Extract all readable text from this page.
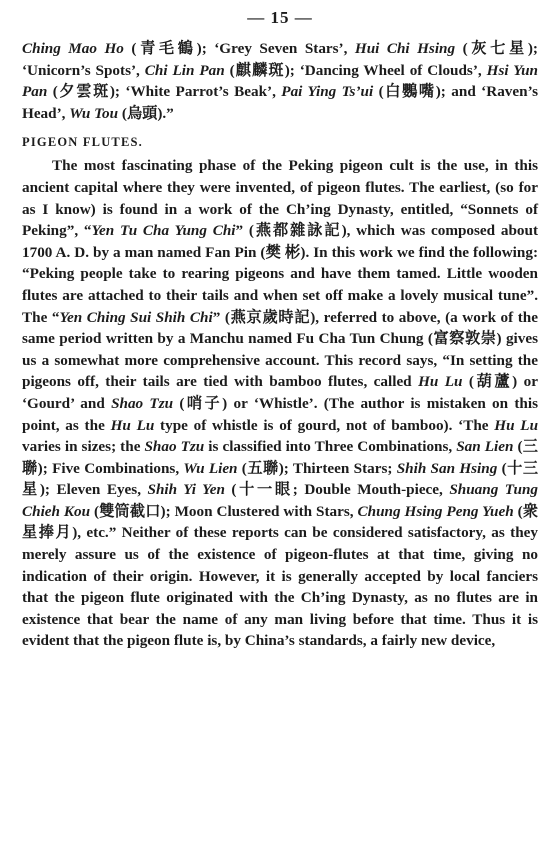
— 15 —

Ching Mao Ho (青毛鶴); ‘Grey Seven Stars’, Hui Chi Hsing (灰七星); ‘Unicorn’s Spots’, Chi Lin Pan (麒麟斑); ‘Dancing Wheel of Clouds’, Hsi Yun Pan (夕雲斑); ‘White Parrot’s Beak’, Pai Ying Ts’ui (白鸚嘴); and ‘Raven’s Head’, Wu Tou (烏頭).”

PIGEON FLUTES.

The most fascinating phase of the Peking pigeon cult is the use, in this ancient capital where they were invented, of pigeon flutes. The earliest, (so for as I know) is found in a work of the Ch’ing Dynasty, entitled, “Sonnets of Peking”, “Yen Tu Cha Yung Chi” (燕都雜詠記), which was composed about 1700 A. D. by a man named Fan Pin (樊 彬). In this work we find the following: “Peking people take to rearing pigeons and have them tamed. Little wooden flutes are attached to their tails and when set off make a lovely musical tune”. The “Yen Ching Sui Shih Chi” (燕京歲時記), referred to above, (a work of the same period written by a Manchu named Fu Cha Tun Chung (富察敦崇) gives us a somewhat more comprehensive account. This record says, “In setting the pigeons off, their tails are tied with bamboo flutes, called Hu Lu (葫蘆) or ‘Gourd’ and Shao Tzu (哨子) or ‘Whistle’. (The author is mistaken on this point, as the Hu Lu type of whistle is of gourd, not of bamboo). ‘The Hu Lu varies in sizes; the Shao Tzu is classified into Three Combinations, San Lien (三聯); Five Combinations, Wu Lien (五聯); Thirteen Stars; Shih San Hsing (十三星); Eleven Eyes, Shih Yi Yen (十一眼; Double Mouth-piece, Shuang Tung Chieh Kou (雙筒截口); Moon Clustered with Stars, Chung Hsing Peng Yueh (衆星捧月), etc.” Neither of these reports can be considered satisfactory, as they merely assure us of the existence of pigeon-flutes at that time, giving no indication of their origin. However, it is generally accepted by local fanciers that the pigeon flute originated with the Ch’ing Dynasty, as no flutes are in existence that bear the name of any man living before that time. Thus it is evident that the pigeon flute is, by China’s standards, a fairly new device,
